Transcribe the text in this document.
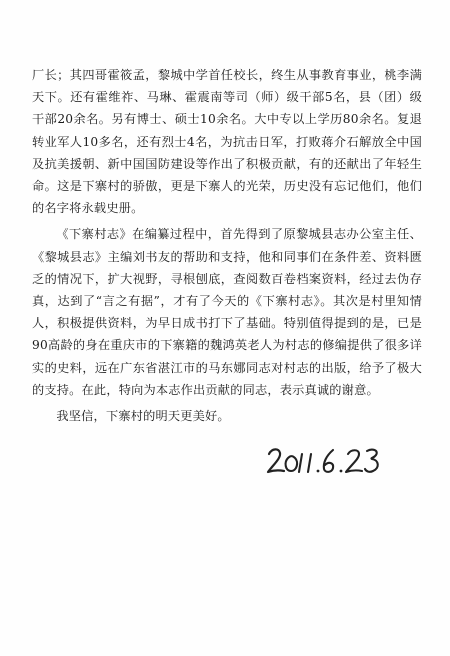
厂长；其四哥霍筱孟，黎城中学首任校长，终生从事教育事业，桃李满天下。还有霍维祚、马琳、霍震南等司（师）级干部5名，县（团）级干部20余名。另有博士、硕士10余名。大中专以上学历80余名。复退转业军人10多名，还有烈士4名，为抗击日军，打败蒋介石解放全中国及抗美援朝、新中国国防建设等作出了积极贡献，有的还献出了年轻生命。这是下寨村的骄傲，更是下寨人的光荣，历史没有忘记他们，他们的名字将永载史册。

《下寨村志》在编纂过程中，首先得到了原黎城县志办公室主任、《黎城县志》主编刘书友的帮助和支持，他和同事们在条件差、资料匮乏的情况下，扩大视野，寻根刨底，查阅数百卷档案资料，经过去伪存真，达到了“言之有据”，才有了今天的《下寨村志》。其次是村里知情人，积极提供资料，为早日成书打下了基础。特别值得提到的是，已是90高龄的身在重庆市的下寨籍的魏鸿英老人为村志的修编提供了很多详实的史料，远在广东省湛江市的马东娜同志对村志的出版，给予了极大的支持。在此，特向为本志作出贡献的同志，表示真诚的谢意。

我坚信，下寨村的明天更美好。
